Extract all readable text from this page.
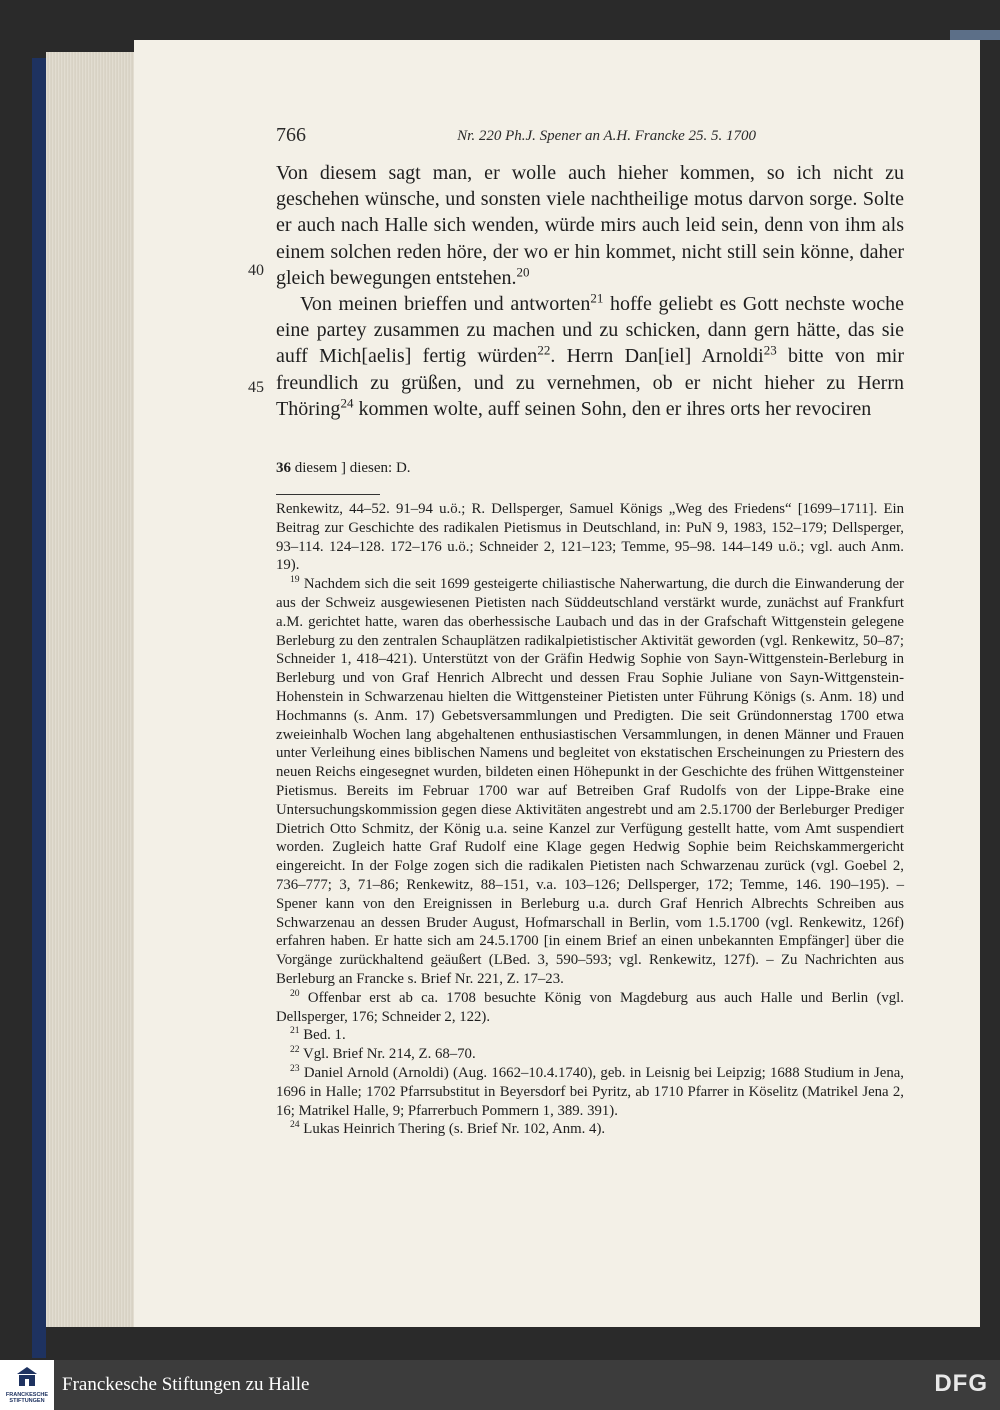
766	Nr. 220 Ph.J. Spener an A.H. Francke 25. 5. 1700
40
45

Von diesem sagt man, er wolle auch hieher kommen, so ich nicht zu geschehen wünsche, und sonsten viele nachtheilige motus darvon sorge. Solte er auch nach Halle sich wenden, würde mirs auch leid sein, denn von ihm als einem solchen reden höre, der wo er hin kommet, nicht still sein könne, daher gleich bewegungen entstehen.$^{20}$

Von meinen brieffen und antworten$^{21}$ hoffe geliebt es Gott nechste woche eine partey zusammen zu machen und zu schicken, dann gern hätte, das sie auff Mich[aelis] fertig würden$^{22}$. Herrn Dan[iel] Arnoldi$^{23}$ bitte von mir freundlich zu grüßen, und zu vernehmen, ob er nicht hieher zu Herrn Thöring$^{24}$ kommen wolte, auff seinen Sohn, den er ihres orts her revociren

36 diesem ] diesen: D.

Renkewitz, 44–52. 91–94 u.ö.; R. Dellsperger, Samuel Königs „Weg des Friedens“ [1699–1711]. Ein Beitrag zur Geschichte des radikalen Pietismus in Deutschland, in: PuN 9, 1983, 152–179; Dellsperger, 93–114. 124–128. 172–176 u.ö.; Schneider 2, 121–123; Temme, 95–98. 144–149 u.ö.; vgl. auch Anm. 19).

$^{19}$ Nachdem sich die seit 1699 gesteigerte chiliastische Naherwartung, die durch die Einwanderung der aus der Schweiz ausgewiesenen Pietisten nach Süddeutschland verstärkt wurde, zunächst auf Frankfurt a.M. gerichtet hatte, waren das oberhessische Laubach und das in der Grafschaft Wittgenstein gelegene Berleburg zu den zentralen Schauplätzen radikalpietistischer Aktivität geworden (vgl. Renkewitz, 50–87; Schneider 1, 418–421). Unterstützt von der Gräfin Hedwig Sophie von Sayn-Wittgenstein-Berleburg in Berleburg und von Graf Henrich Albrecht und dessen Frau Sophie Juliane von Sayn-Wittgenstein-Hohenstein in Schwarzenau hielten die Wittgensteiner Pietisten unter Führung Königs (s. Anm. 18) und Hochmanns (s. Anm. 17) Gebetsversammlungen und Predigten. Die seit Gründonnerstag 1700 etwa zweieinhalb Wochen lang abgehaltenen enthusiastischen Versammlungen, in denen Männer und Frauen unter Verleihung eines biblischen Namens und begleitet von ekstatischen Erscheinungen zu Priestern des neuen Reichs eingesegnet wurden, bildeten einen Höhepunkt in der Geschichte des frühen Wittgensteiner Pietismus. Bereits im Februar 1700 war auf Betreiben Graf Rudolfs von der Lippe-Brake eine Untersuchungskommission gegen diese Aktivitäten angestrebt und am 2.5.1700 der Berleburger Prediger Dietrich Otto Schmitz, der König u.a. seine Kanzel zur Verfügung gestellt hatte, vom Amt suspendiert worden. Zugleich hatte Graf Rudolf eine Klage gegen Hedwig Sophie beim Reichskammergericht eingereicht. In der Folge zogen sich die radikalen Pietisten nach Schwarzenau zurück (vgl. Goebel 2, 736–777; 3, 71–86; Renkewitz, 88–151, v.a. 103–126; Dellsperger, 172; Temme, 146. 190–195). – Spener kann von den Ereignissen in Berleburg u.a. durch Graf Henrich Albrechts Schreiben aus Schwarzenau an dessen Bruder August, Hofmarschall in Berlin, vom 1.5.1700 (vgl. Renkewitz, 126f) erfahren haben. Er hatte sich am 24.5.1700 [in einem Brief an einen unbekannten Empfänger] über die Vorgänge zurückhaltend geäußert (LBed. 3, 590–593; vgl. Renkewitz, 127f). – Zu Nachrichten aus Berleburg an Francke s. Brief Nr. 221, Z. 17–23.

$^{20}$ Offenbar erst ab ca. 1708 besuchte König von Magdeburg aus auch Halle und Berlin (vgl. Dellsperger, 176; Schneider 2, 122).

$^{21}$ Bed. 1.

$^{22}$ Vgl. Brief Nr. 214, Z. 68–70.

$^{23}$ Daniel Arnold (Arnoldi) (Aug. 1662–10.4.1740), geb. in Leisnig bei Leipzig; 1688 Studium in Jena, 1696 in Halle; 1702 Pfarrsubstitut in Beyersdorf bei Pyritz, ab 1710 Pfarrer in Köselitz (Matrikel Jena 2, 16; Matrikel Halle, 9; Pfarrerbuch Pommern 1, 389. 391).

$^{24}$ Lukas Heinrich Thering (s. Brief Nr. 102, Anm. 4).

FRANCKESCHE STIFTUNGEN
Franckesche Stiftungen zu Halle	DFG
